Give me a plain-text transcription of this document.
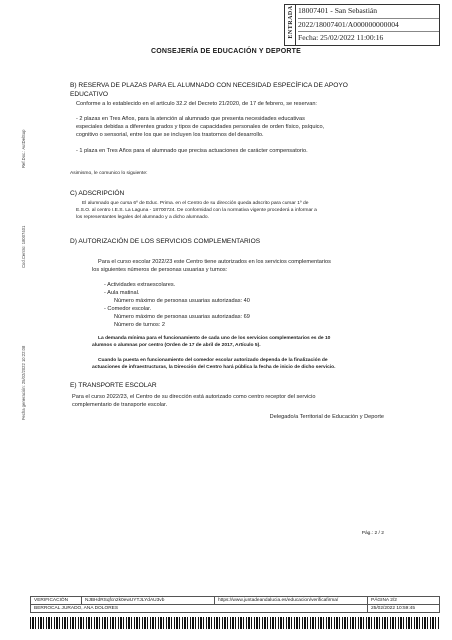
ENTRADA 18007401 - San Sebastián
2022/18007401/A000000000004
Fecha: 25/02/2022 11:00:16
CONSEJERÍA DE EDUCACIÓN Y DEPORTE
Ref.Doc.: AutDelSup
Cod.Centro: 18007401
Fecha generación: 25/02/2022 10:22:08
B) RESERVA DE PLAZAS PARA EL ALUMNADO CON NECESIDAD ESPECÍFICA DE APOYO
EDUCATIVO
Conforme a lo establecido en el artículo 32.2 del Decreto 21/2020, de 17 de febrero, se reservan:
- 2 plazas en Tres Años, para la atención al alumnado que presenta necesidades educativas
especiales debidas a diferentes grados y tipos de capacidades personales de orden físico, psíquico,
cognitivo o sensorial, entre los que se incluyen los trastornos del desarrollo.
- 1 plaza en Tres Años para el alumnado que precisa actuaciones de carácter compensatorio.
Asimismo, le comunico lo siguiente:
C) ADSCRIPCIÓN
El alumnado que cursa 6º de Educ. Prima. en el Centro de su dirección queda adscrito para cursar 1º de
E.S.O. al centro I.E.S. La Laguna - 18700724. De conformidad con la normativa vigente procederá a informar a
los representantes legales del alumnado y a dicho alumnado.
D) AUTORIZACIÓN DE LOS SERVICIOS COMPLEMENTARIOS
Para el curso escolar 2022/23 este Centro tiene autorizados en los servicios complementarios
los siguientes números de personas usuarias y turnos:
- Actividades extraescolares.
- Aula matinal.
Número máximo de personas usuarias autorizadas: 40
- Comedor escolar.
Número máximo de personas usuarias autorizadas: 69
Número de turnos: 2
La demanda mínima para el funcionamiento de cada uno de los servicios complementarios es de 10
alumnos o alumnas por centro (Orden de 17 de abril de 2017, Artículo 5).
Cuando la puesta en funcionamiento del comedor escolar autorizado dependa de la finalización de
actuaciones de infraestructuras, la Dirección del Centro hará pública la fecha de inicio de dicho servicio.
E) TRANSPORTE ESCOLAR
Para el curso 2022/23, el Centro de su dirección está autorizado como centro receptor del servicio
complementario de transporte escolar.
Delegado/a Territorial de Educación y Deporte
Pág.: 2 / 2
VERIFICACIÓN	NJBHdRSqfcn2k0ewUYTJLYdAU3vb	https://www.juntadeandalucia.es/educacion/verificafirma/	PÁGINA 2/2
BERROCAL JURADO, ANA DOLORES			25/02/2022 10:59:45
